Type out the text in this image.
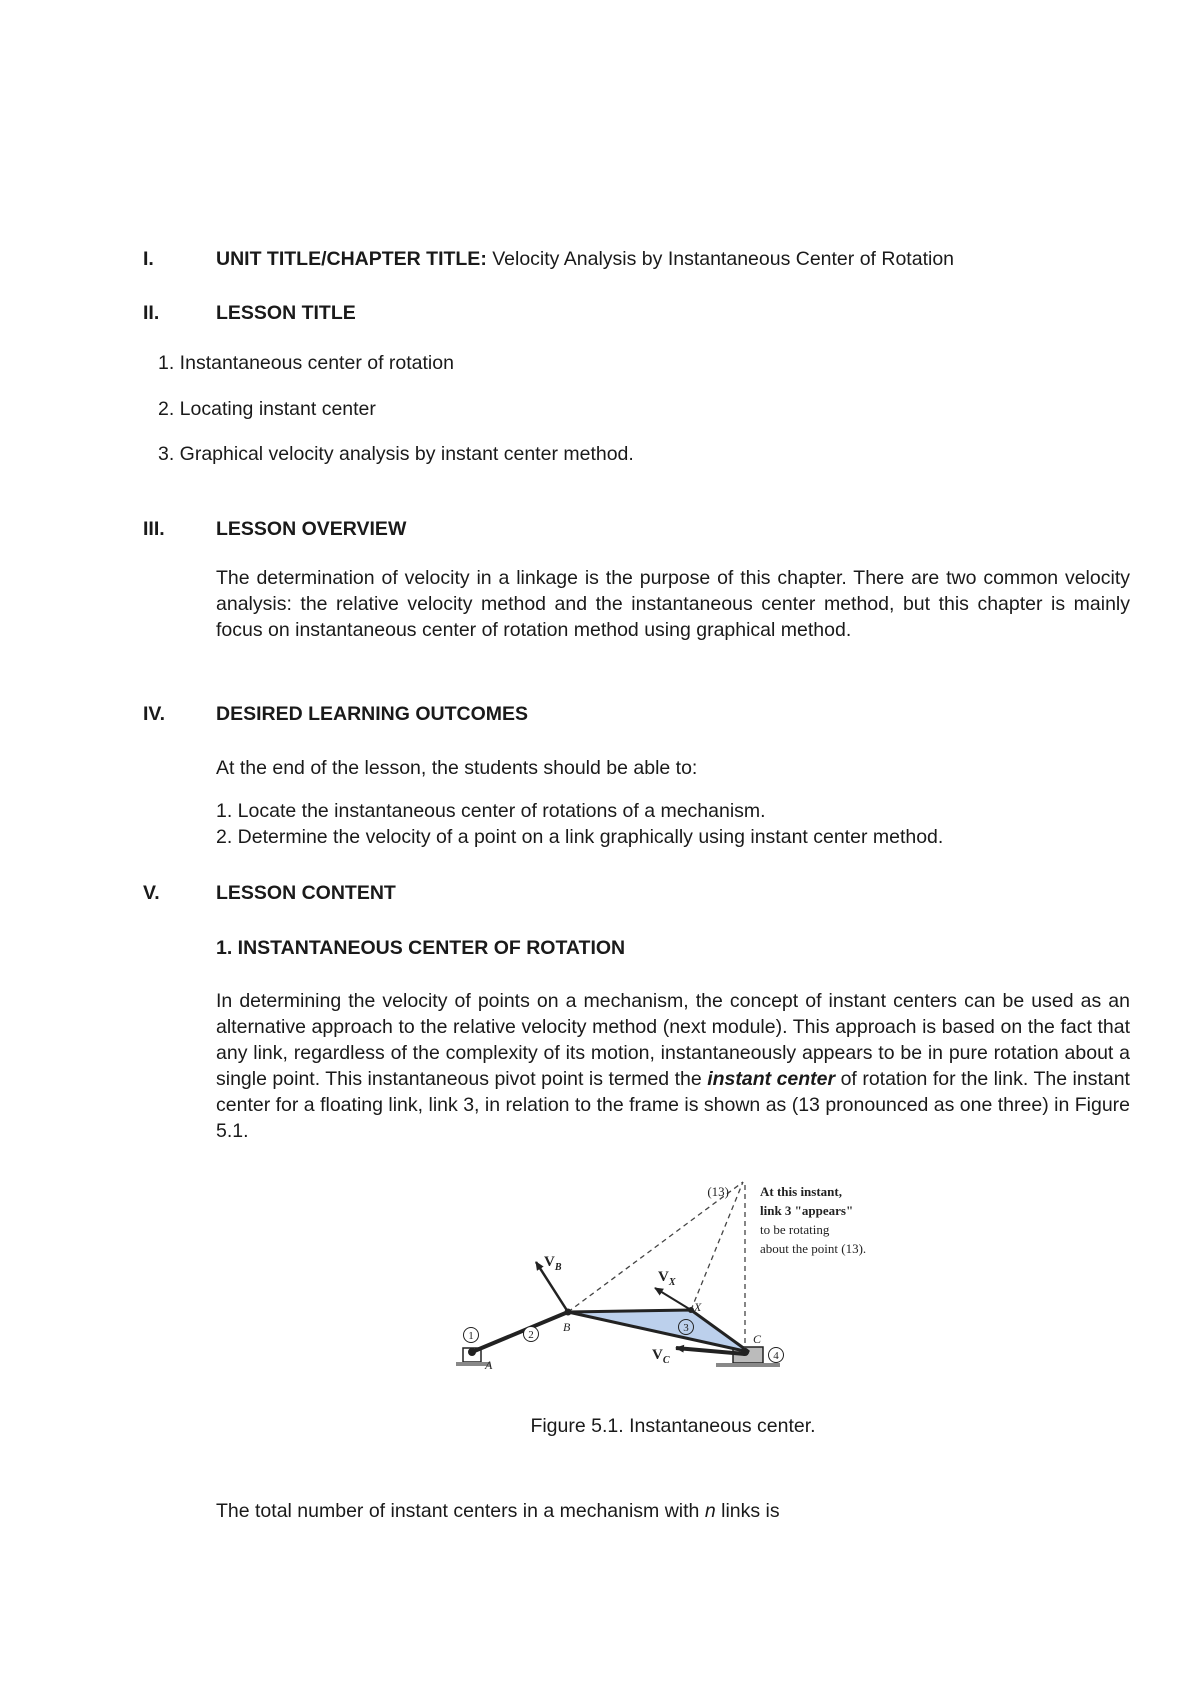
I.	UNIT TITLE/CHAPTER TITLE: Velocity Analysis by Instantaneous Center of Rotation
II.	LESSON TITLE
1. Instantaneous center of rotation
2. Locating instant center
3. Graphical velocity analysis by instant center method.
III.	LESSON OVERVIEW

The determination of velocity in a linkage is the purpose of this chapter. There are two common velocity analysis: the relative velocity method and the instantaneous center method, but this chapter is mainly focus on instantaneous center of rotation method using graphical method.

IV.	DESIRED LEARNING OUTCOMES
At the end of the lesson, the students should be able to:
1. Locate the instantaneous center of rotations of a mechanism.
2. Determine the velocity of a point on a link graphically using instant center method.
V.	LESSON CONTENT
1. INSTANTANEOUS CENTER OF ROTATION

In determining the velocity of points on a mechanism, the concept of instant centers can be used as an alternative approach to the relative velocity method (next module). This approach is based on the fact that any link, regardless of the complexity of its motion, instantaneously appears to be in pure rotation about a single point. This instantaneous pivot point is termed the instant center of rotation for the link. The instant center for a floating link, link 3, in relation to the frame is shown as (13 pronounced as one three) in Figure 5.1.

(13) At this instant,
link 3 "appears"
to be rotating
about the point (13).
$V_B$
$V_X$
$V_C$
A
B
C
X
1	2
3
4
Figure 5.1. Instantaneous center.
The total number of instant centers in a mechanism with n links is
